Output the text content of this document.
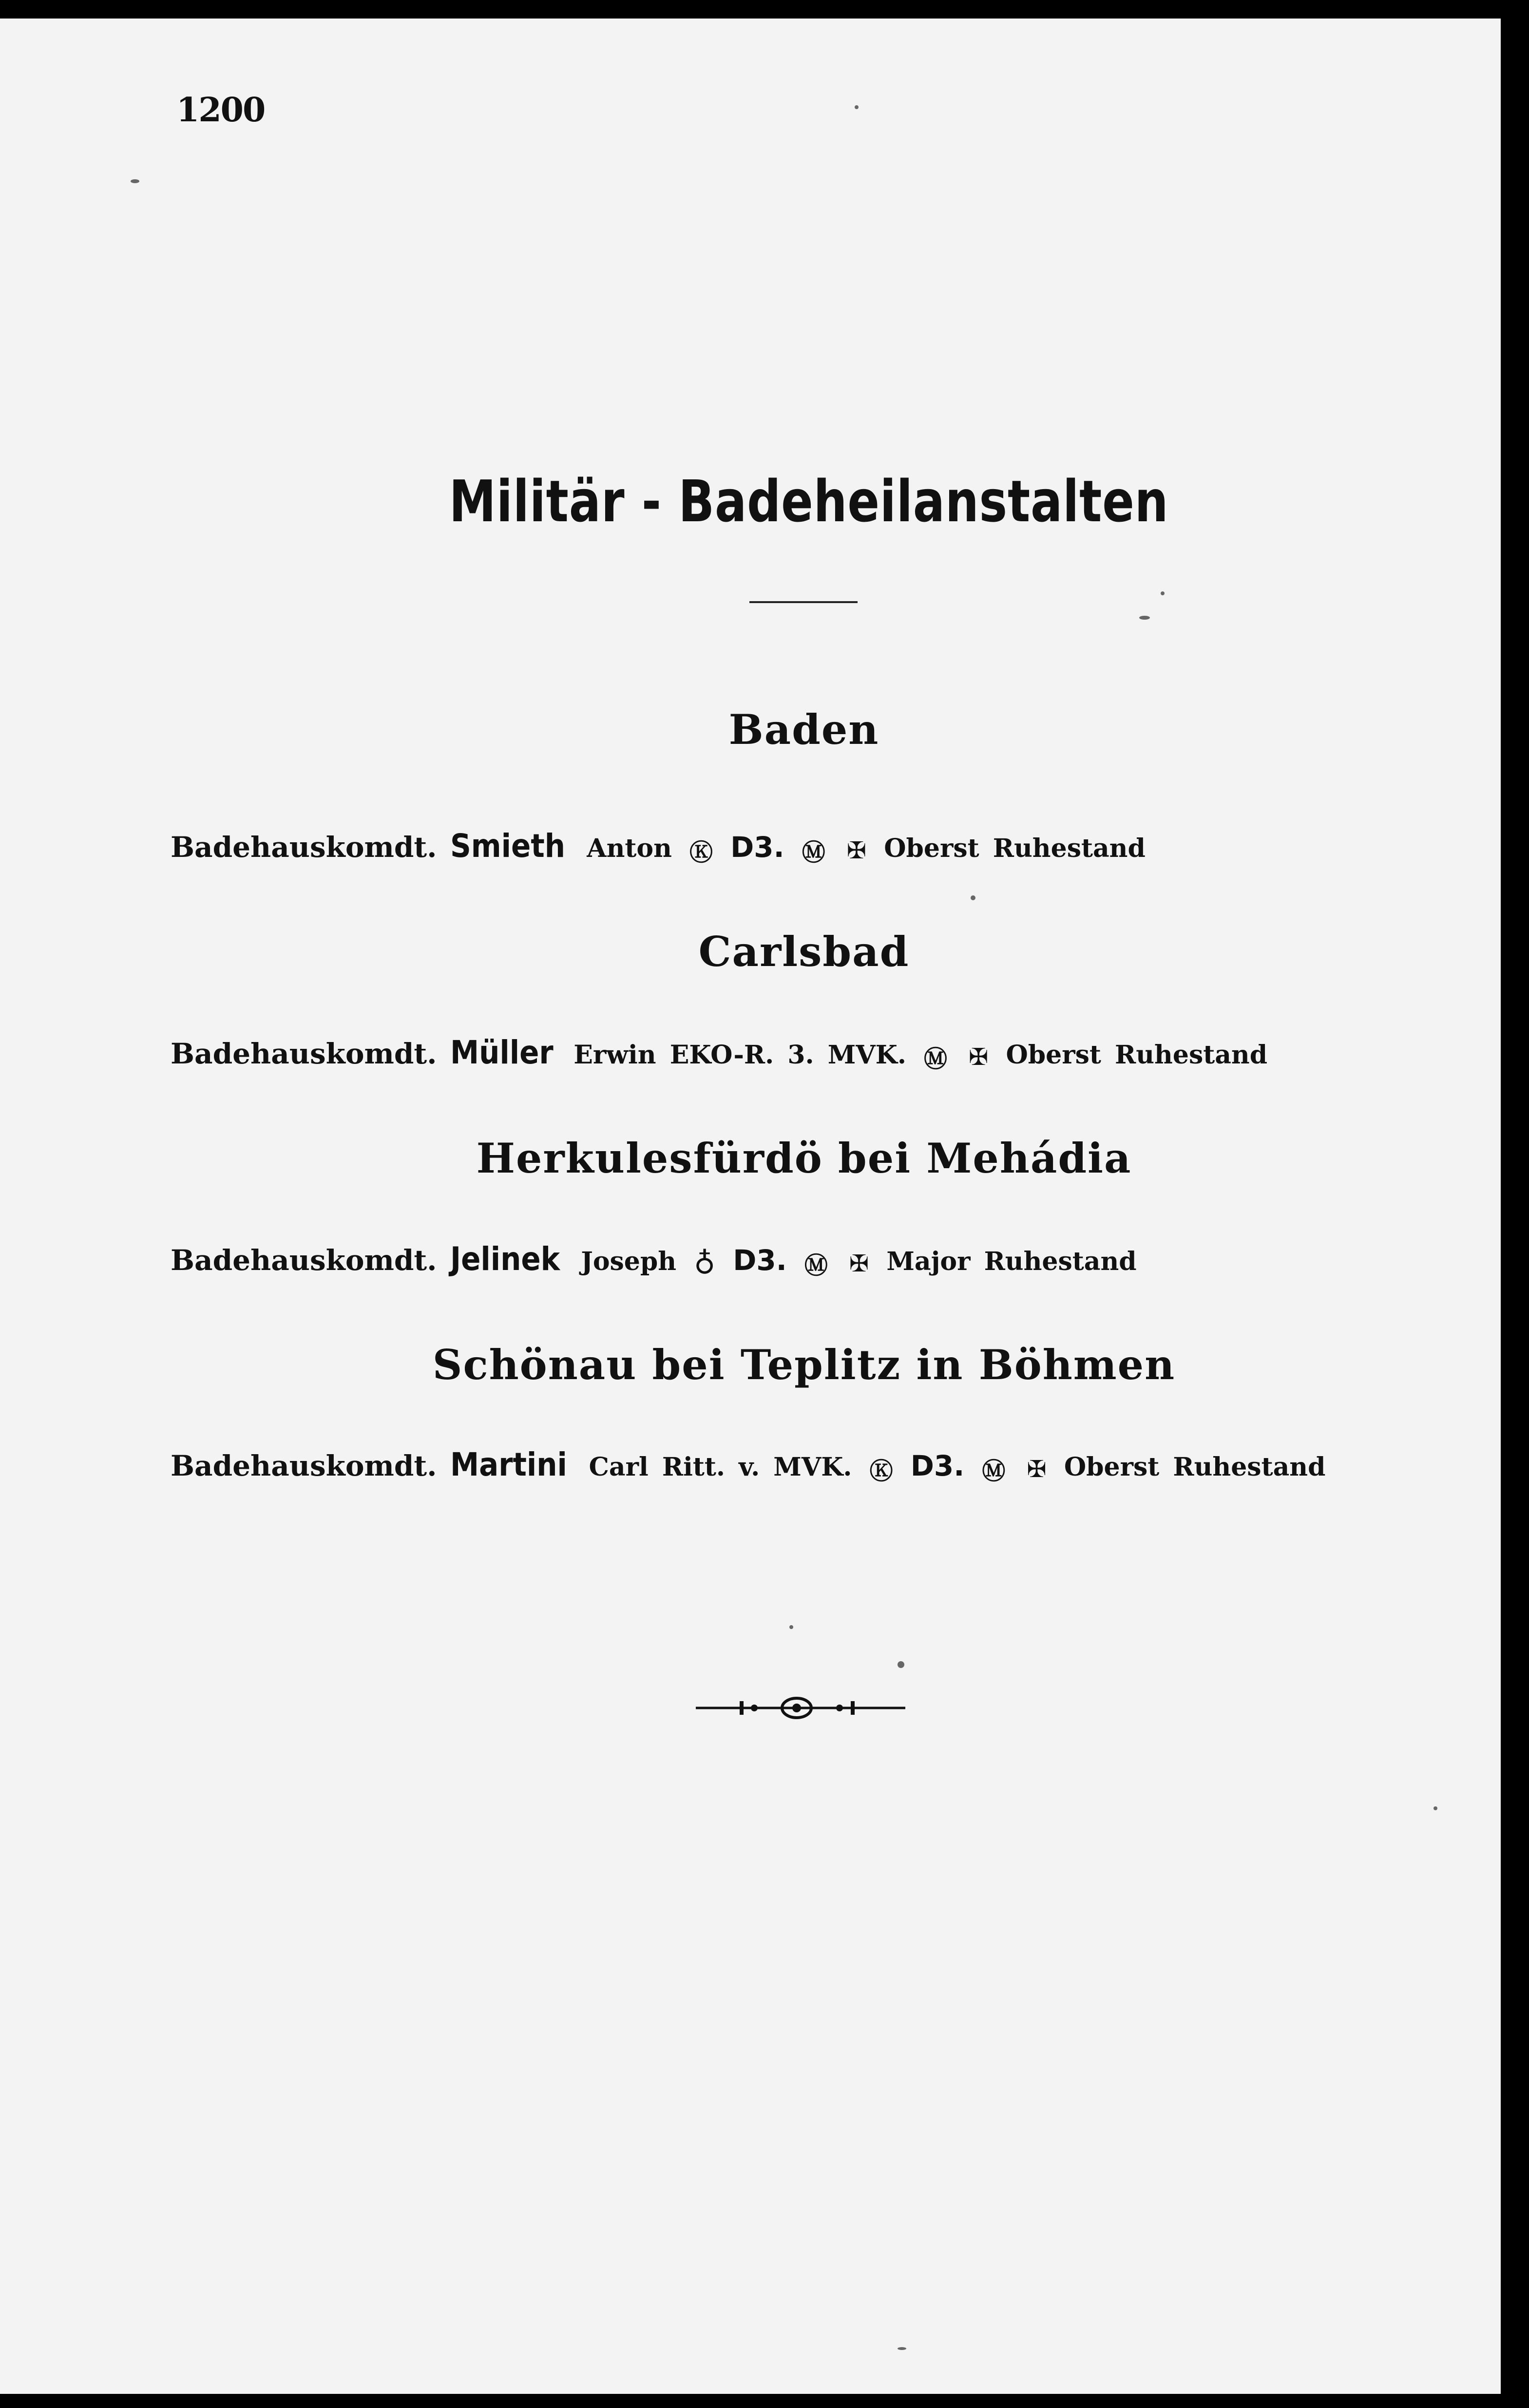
1200
Militär - Badeheilanstalten
Baden
Badehauskomdt. Smieth Anton Ⓚ D3. Ⓜ ✠ Oberst Ruhestand
Carlsbad
Badehauskomdt. Müller Erwin EKO-R. 3. MVK. Ⓜ ✠ Oberst Ruhestand
Herkulesfürdö bei Mehádia
Badehauskomdt. Jelinek Joseph ♁ D3. Ⓜ ✠ Major Ruhestand
Schönau bei Teplitz in Böhmen
Badehauskomdt. Martini Carl Ritt. v. MVK. Ⓚ D3. Ⓜ ✠ Oberst Ruhestand
